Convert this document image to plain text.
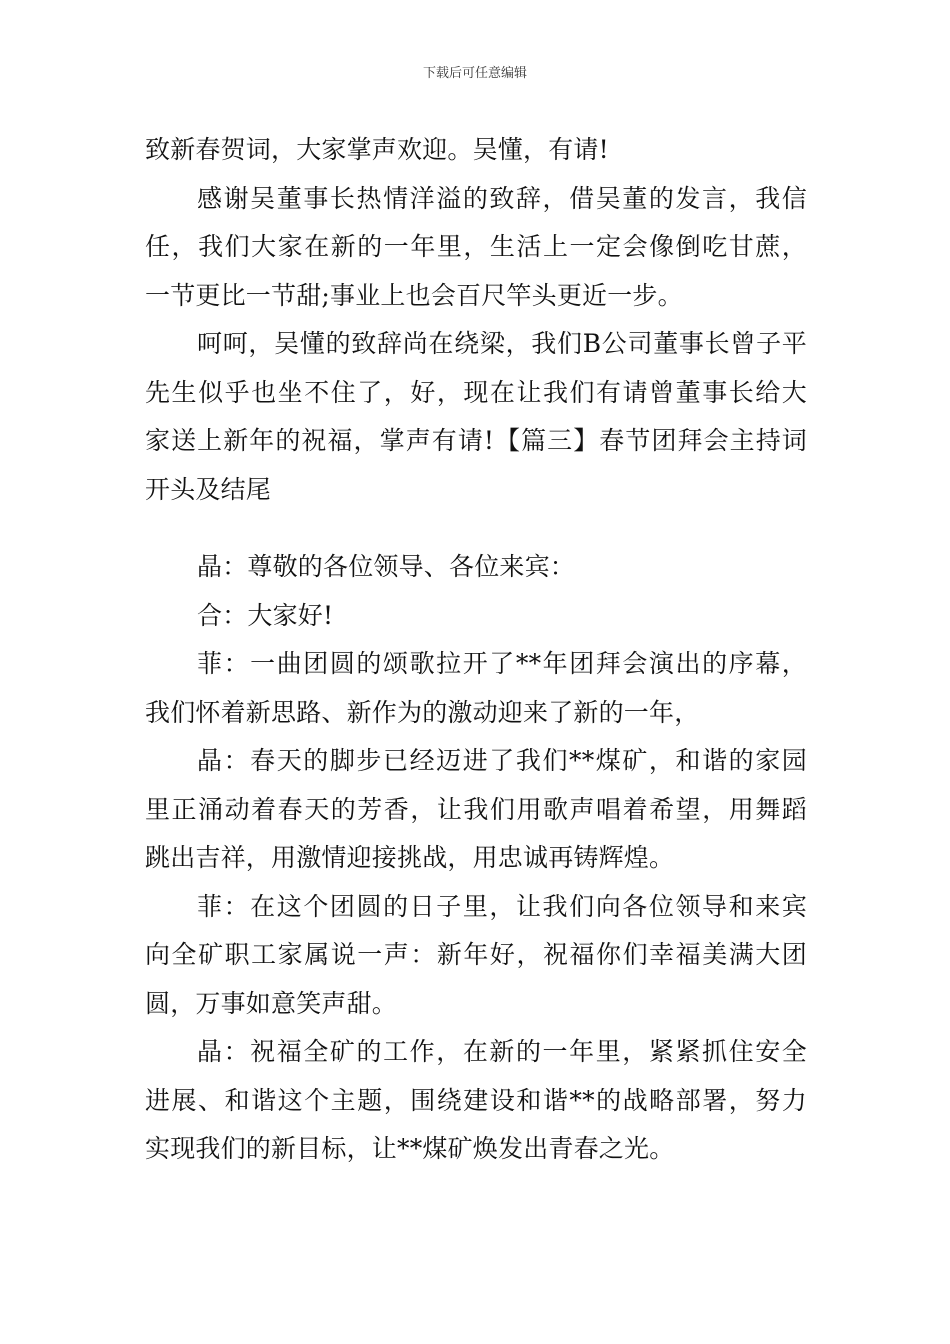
下载后可任意编辑
致新春贺词，大家掌声欢迎。吴懂，有请!
感谢吴董事长热情洋溢的致辞，借吴董的发言，我信
任，我们大家在新的一年里，生活上一定会像倒吃甘蔗，
一节更比一节甜;事业上也会百尺竿头更近一步。
呵呵，吴懂的致辞尚在绕梁，我们B公司董事长曾子平
先生似乎也坐不住了，好，现在让我们有请曾董事长给大
家送上新年的祝福，掌声有请!【篇三】春节团拜会主持词
开头及结尾
晶：尊敬的各位领导、各位来宾：
合：大家好!
菲：一曲团圆的颂歌拉开了**年团拜会演出的序幕，
我们怀着新思路、新作为的激动迎来了新的一年，
晶：春天的脚步已经迈进了我们**煤矿，和谐的家园
里正涌动着春天的芳香，让我们用歌声唱着希望，用舞蹈
跳出吉祥，用激情迎接挑战，用忠诚再铸辉煌。
菲：在这个团圆的日子里，让我们向各位领导和来宾
向全矿职工家属说一声：新年好，祝福你们幸福美满大团
圆，万事如意笑声甜。
晶：祝福全矿的工作，在新的一年里，紧紧抓住安全
进展、和谐这个主题，围绕建设和谐**的战略部署，努力
实现我们的新目标，让**煤矿焕发出青春之光。
